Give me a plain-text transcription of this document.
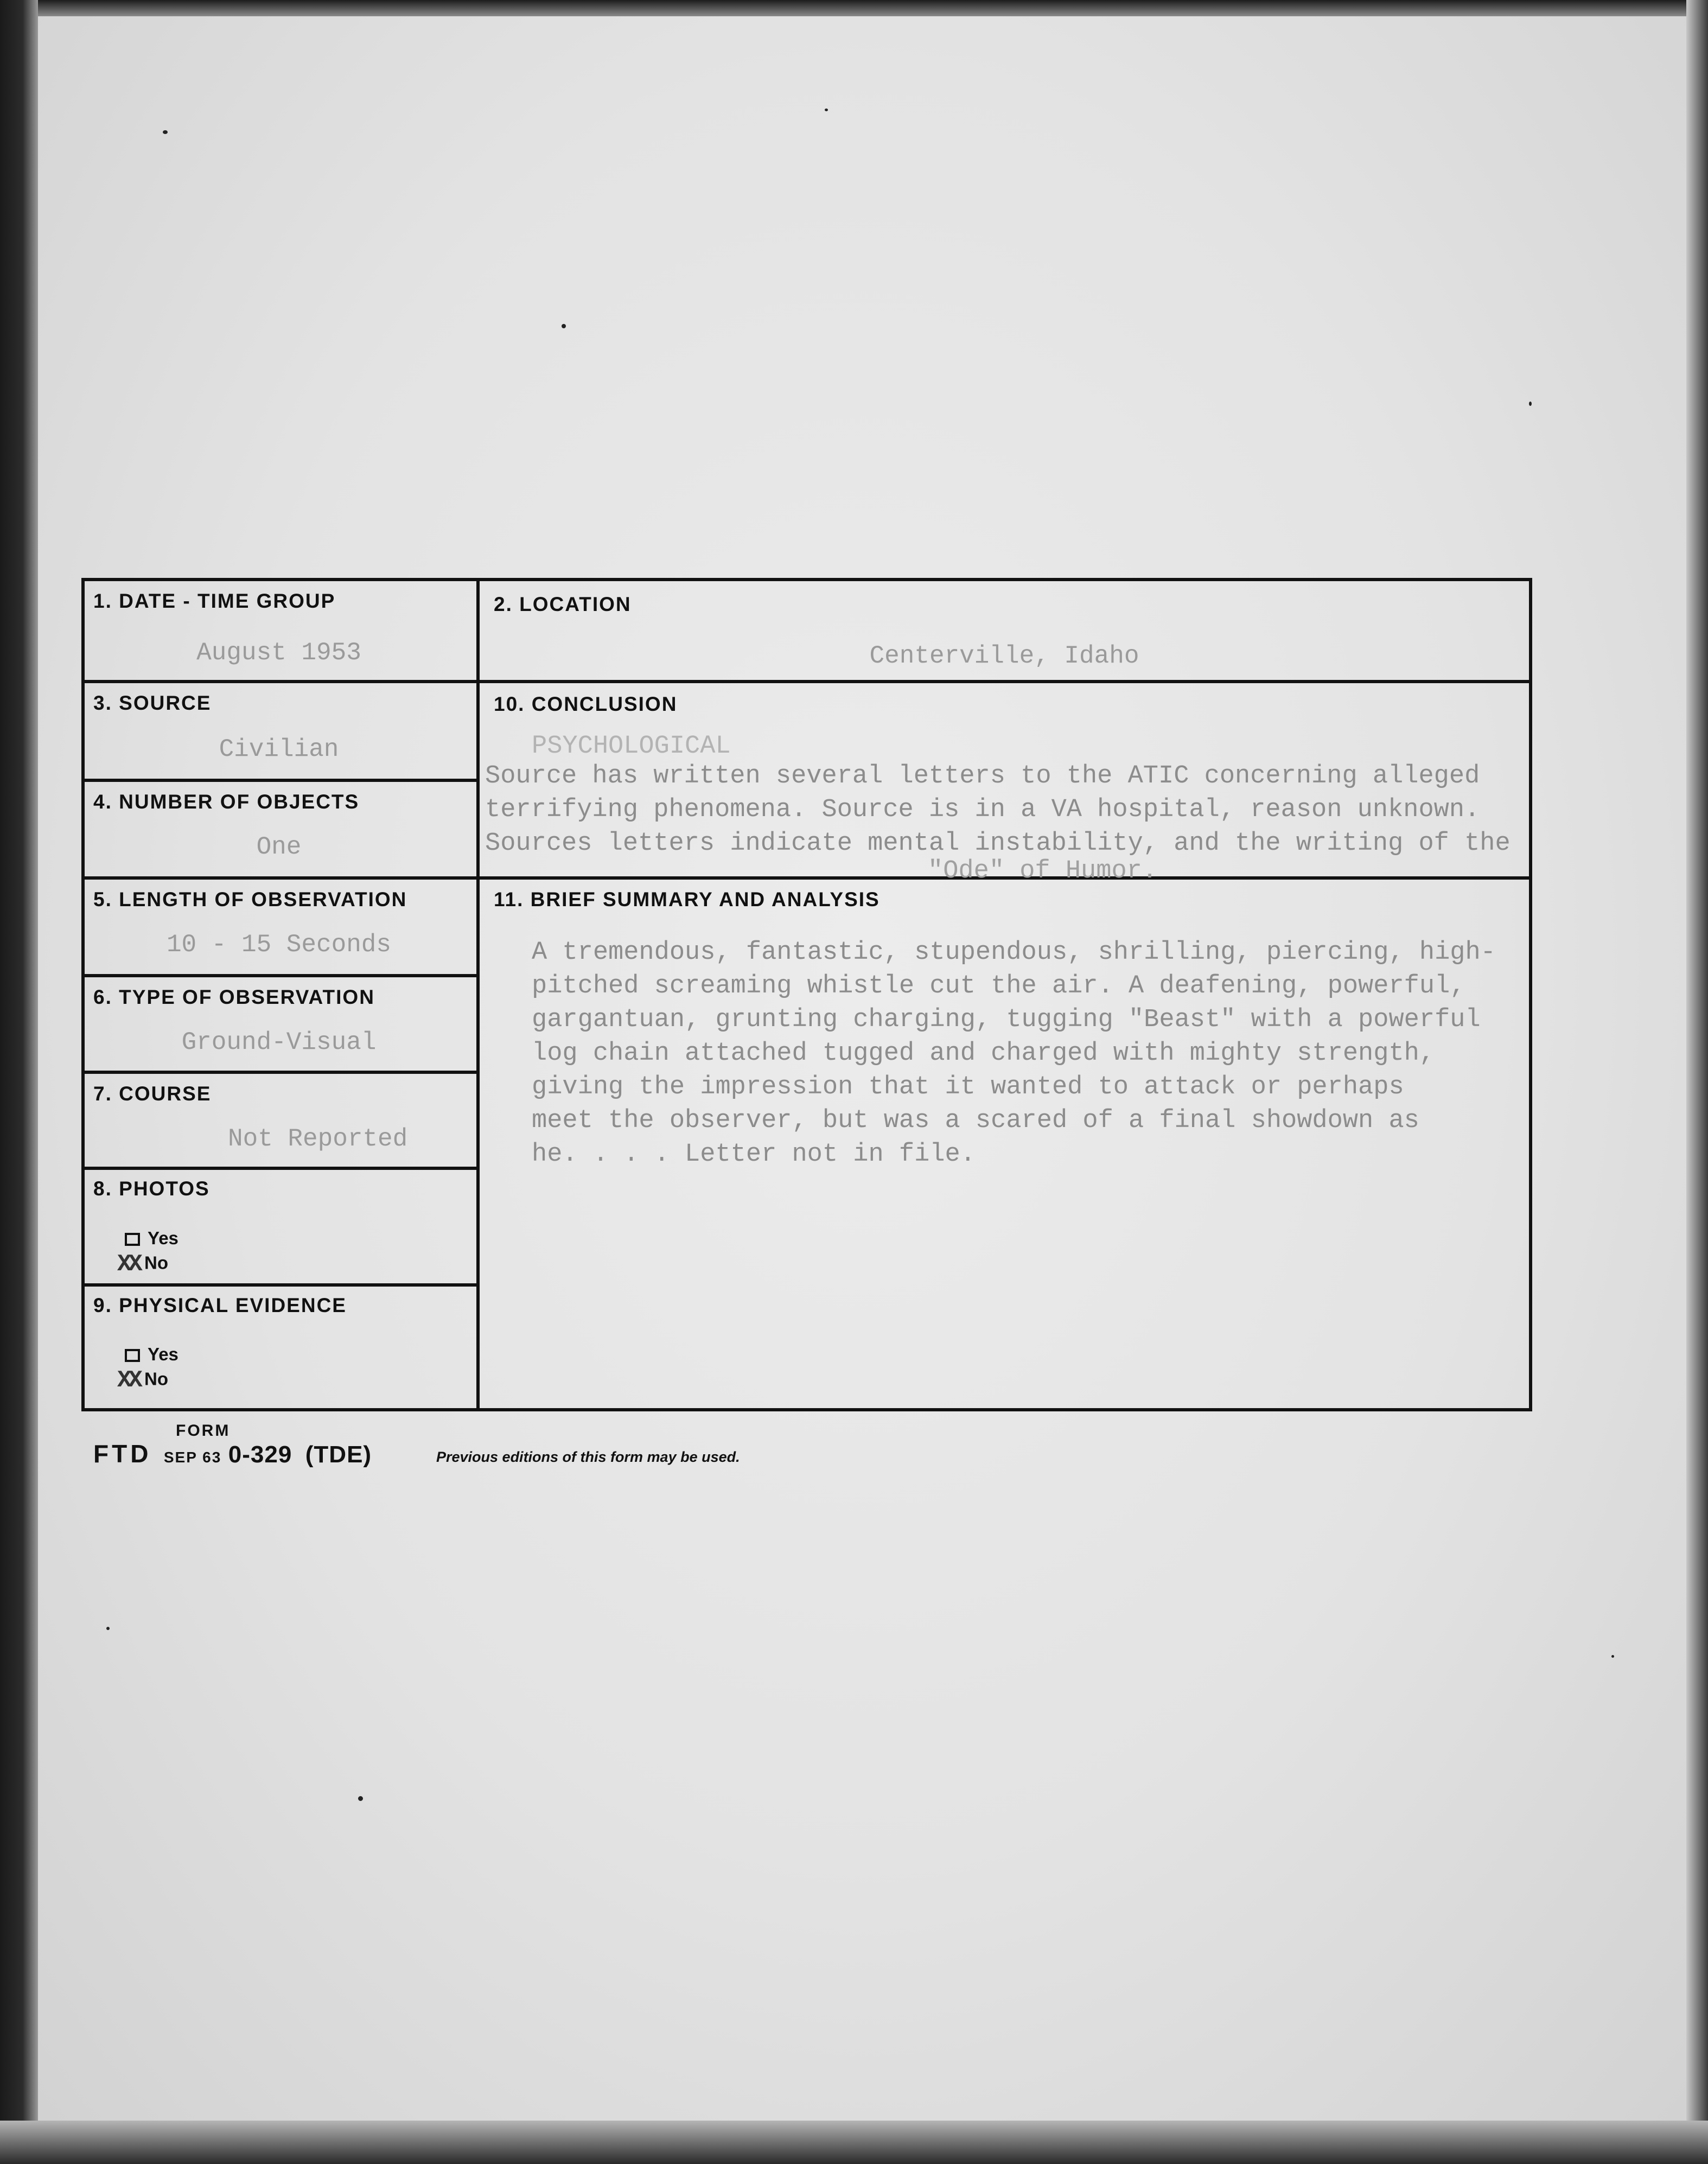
1. DATE - TIME GROUP
August 1953
2. LOCATION
Centerville, Idaho
3. SOURCE
Civilian
4. NUMBER OF OBJECTS
One
5. LENGTH OF OBSERVATION
10 - 15 Seconds
6. TYPE OF OBSERVATION
Ground-Visual
7. COURSE
Not Reported
8. PHOTOS
Yes
XX No
9. PHYSICAL EVIDENCE
Yes
XX No
10. CONCLUSION
PSYCHOLOGICAL
Source has written several letters to the ATIC concerning alleged
terrifying phenomena. Source is in a VA hospital, reason unknown.
Sources letters indicate mental instability, and the writing of the
"Ode" of Humor.
11. BRIEF SUMMARY AND ANALYSIS
A tremendous, fantastic, stupendous, shrilling, piercing, high-
pitched screaming whistle cut the air. A deafening, powerful,
gargantuan, grunting charging, tugging "Beast" with a powerful
log chain attached tugged and charged with mighty strength,
giving the impression that it wanted to attack or perhaps
meet the observer, but was a scared of a final showdown as
he. . . . Letter not in file.
FORM
FTD SEP 63 0-329 (TDE)	Previous editions of this form may be used.
